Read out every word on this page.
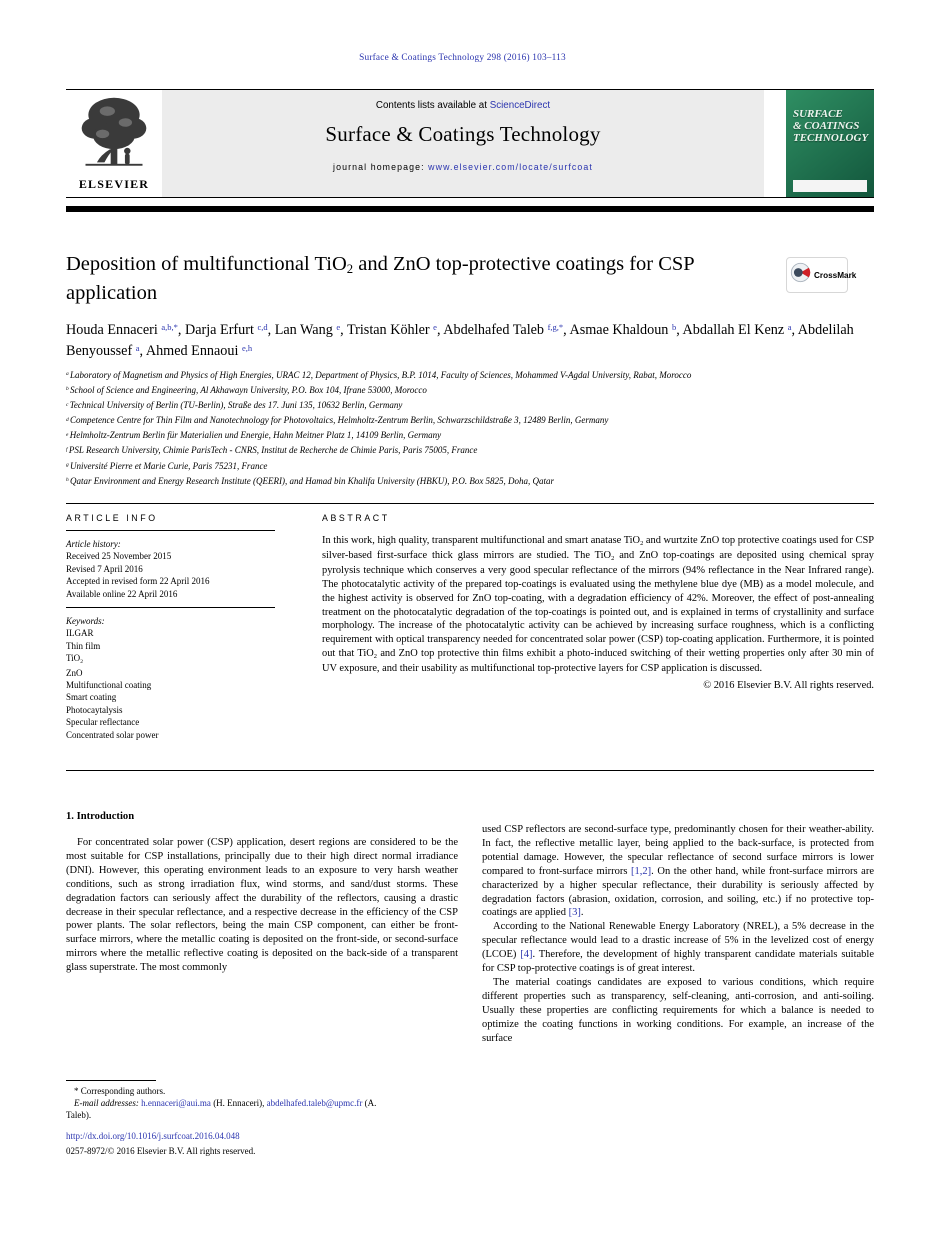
Surface & Coatings Technology 298 (2016) 103–113
ELSEVIER
Contents lists available at ScienceDirect
Surface & Coatings Technology
journal homepage: www.elsevier.com/locate/surfcoat
SURFACE
& COATINGS
TECHNOLOGY
Deposition of multifunctional TiO2 and ZnO top-protective coatings for CSP application
CrossMark
Houda Ennaceri $^{a,b,*}$, Darja Erfurt $^{c,d}$, Lan Wang $^e$, Tristan Köhler $^e$, Abdelhafed Taleb $^{f,g,*}$, Asmae Khaldoun $^b$, Abdallah El Kenz $^a$, Abdelilah Benyoussef $^a$, Ahmed Ennaoui $^{e,h}$
$^a$ Laboratory of Magnetism and Physics of High Energies, URAC 12, Department of Physics, B.P. 1014, Faculty of Sciences, Mohammed V-Agdal University, Rabat, Morocco
$^b$ School of Science and Engineering, Al Akhawayn University, P.O. Box 104, Ifrane 53000, Morocco
$^c$ Technical University of Berlin (TU-Berlin), Straße des 17. Juni 135, 10632 Berlin, Germany
$^d$ Competence Centre for Thin Film and Nanotechnology for Photovoltaics, Helmholtz-Zentrum Berlin, Schwarzschildstraße 3, 12489 Berlin, Germany
$^e$ Helmholtz-Zentrum Berlin für Materialien und Energie, Hahn Meitner Platz 1, 14109 Berlin, Germany
$^f$ PSL Research University, Chimie ParisTech - CNRS, Institut de Recherche de Chimie Paris, Paris 75005, France
$^g$ Université Pierre et Marie Curie, Paris 75231, France
$^h$ Qatar Environment and Energy Research Institute (QEERI), and Hamad bin Khalifa University (HBKU), P.O. Box 5825, Doha, Qatar
ARTICLE INFO
Article history:
Received 25 November 2015
Revised 7 April 2016
Accepted in revised form 22 April 2016
Available online 22 April 2016
Keywords:
ILGAR
Thin film
TiO2
ZnO
Multifunctional coating
Smart coating
Photocaytalysis
Specular reflectance
Concentrated solar power
ABSTRACT

In this work, high quality, transparent multifunctional and smart anatase TiO2 and wurtzite ZnO top protective coatings used for CSP silver-based first-surface thick glass mirrors are studied. The TiO2 and ZnO top-coatings are deposited using chemical spray pyrolysis technique which conserves a very good specular reflectance of the mirrors (94% reflectance in the Near Infrared range). The photocatalytic activity of the prepared top-coatings is evaluated using the methylene blue dye (MB) as a model molecule, and the highest activity is observed for ZnO top-coating, with a degradation efficiency of 42%. Moreover, the effect of post-annealing treatment on the photocatalytic degradation of the top-coatings is pointed out, and is explained in terms of crystallinity and surface morphology. The increase of the photocatalytic activity can be achieved by increasing surface roughness, which is a conflicting requirement with optical transparency needed for concentrated solar power (CSP) top-coating application. Furthermore, it is pointed out that TiO2 and ZnO top protective thin films exhibit a photo-induced switching of their wetting properties only after 30 min of UV exposure, and their usability as multifunctional top-protective layers for CSP application is discussed.

© 2016 Elsevier B.V. All rights reserved.
1. Introduction

For concentrated solar power (CSP) application, desert regions are considered to be the most suitable for CSP installations, principally due to their high direct normal irradiance (DNI). However, this operating environment leads to an exposure to very harsh weather conditions, such as strong irradiation flux, wind storms, and sand/dust storms. These degradation factors can seriously affect the durability of the reflectors, causing a drastic decrease in their specular reflectance, and a respective decrease in the efficiency of the CSP power plants. The solar reflectors, being the main CSP component, can either be front-surface mirrors, where the metallic coating is deposited on the front-side, or second-surface mirrors where the metallic reflective coating is deposited on the back-side of a transparent glass superstrate. The most commonly

used CSP reflectors are second-surface type, predominantly chosen for their weather-ability. In fact, the reflective metallic layer, being applied to the back-surface, is protected from potential damage. However, the specular reflectance of second surface mirrors is lower compared to front-surface mirrors [1,2]. On the other hand, while front-surface mirrors are characterized by a higher specular reflectance, their durability is seriously affected by degradation factors (abrasion, oxidation, corrosion, and soiling, etc.) if no protective top-coatings are applied [3].

According to the National Renewable Energy Laboratory (NREL), a 5% decrease in the specular reflectance would lead to a drastic increase of 5% in the levelized cost of energy (LCOE) [4]. Therefore, the development of highly transparent candidate materials suitable for CSP top-protective coatings is of great interest.

The material coatings candidates are exposed to various conditions, which require different properties such as transparency, self-cleaning, anti-corrosion, and anti-soiling. Usually these properties are conflicting requirements for which a balance is needed to optimize the coating functions in working conditions. For example, an increase of the surface

* Corresponding authors.
E-mail addresses: h.ennaceri@aui.ma (H. Ennaceri), abdelhafed.taleb@upmc.fr (A. Taleb).
http://dx.doi.org/10.1016/j.surfcoat.2016.04.048
0257-8972/© 2016 Elsevier B.V. All rights reserved.
